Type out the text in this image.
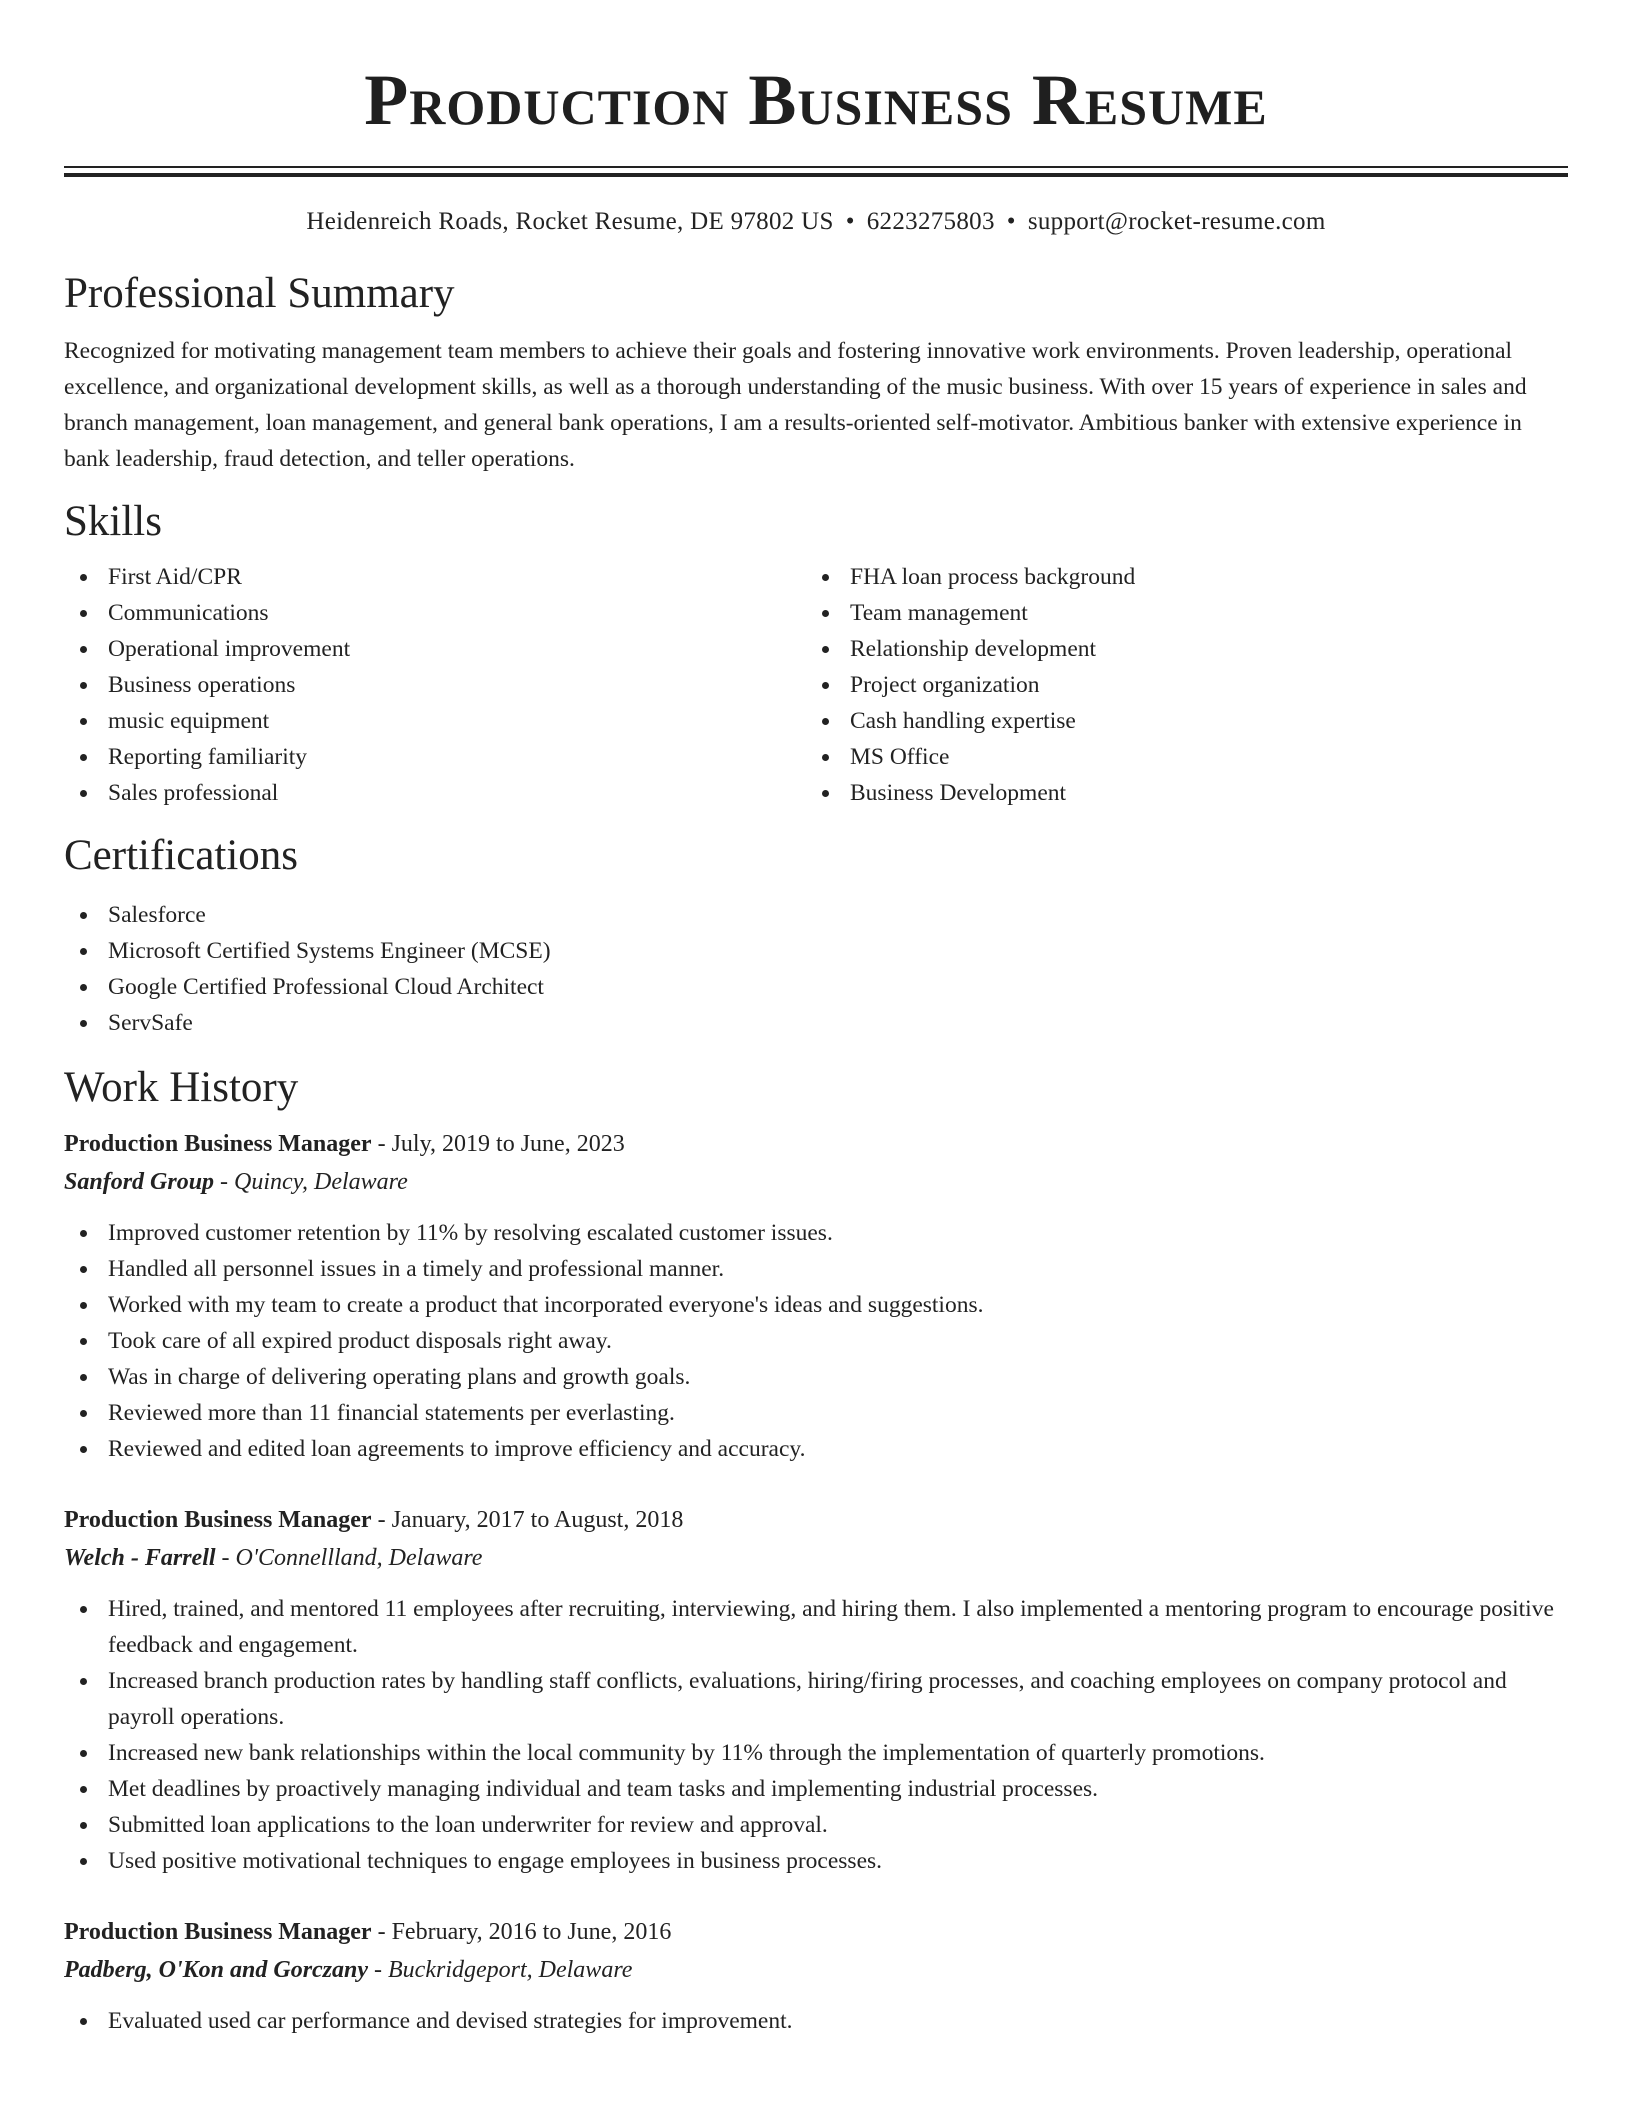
Production Business Resume
Heidenreich Roads, Rocket Resume, DE 97802 US • 6223275803 • support@rocket-resume.com
Professional Summary

Recognized for motivating management team members to achieve their goals and fostering innovative work environments. Proven leadership, operational excellence, and organizational development skills, as well as a thorough understanding of the music business. With over 15 years of experience in sales and branch management, loan management, and general bank operations, I am a results-oriented self-motivator. Ambitious banker with extensive experience in bank leadership, fraud detection, and teller operations.

Skills
First Aid/CPR
Communications
Operational improvement
Business operations
music equipment
Reporting familiarity
Sales professional
FHA loan process background
Team management
Relationship development
Project organization
Cash handling expertise
MS Office
Business Development
Certifications
Salesforce
Microsoft Certified Systems Engineer (MCSE)
Google Certified Professional Cloud Architect
ServSafe
Work History
Production Business Manager - July, 2019 to June, 2023
Sanford Group - Quincy, Delaware
Improved customer retention by 11% by resolving escalated customer issues.
Handled all personnel issues in a timely and professional manner.
Worked with my team to create a product that incorporated everyone's ideas and suggestions.
Took care of all expired product disposals right away.
Was in charge of delivering operating plans and growth goals.
Reviewed more than 11 financial statements per everlasting.
Reviewed and edited loan agreements to improve efficiency and accuracy.
Production Business Manager - January, 2017 to August, 2018
Welch - Farrell - O'Connellland, Delaware
Hired, trained, and mentored 11 employees after recruiting, interviewing, and hiring them. I also implemented a mentoring program to encourage positive feedback and engagement.
Increased branch production rates by handling staff conflicts, evaluations, hiring/firing processes, and coaching employees on company protocol and payroll operations.
Increased new bank relationships within the local community by 11% through the implementation of quarterly promotions.
Met deadlines by proactively managing individual and team tasks and implementing industrial processes.
Submitted loan applications to the loan underwriter for review and approval.
Used positive motivational techniques to engage employees in business processes.
Production Business Manager - February, 2016 to June, 2016
Padberg, O'Kon and Gorczany - Buckridgeport, Delaware
Evaluated used car performance and devised strategies for improvement.
